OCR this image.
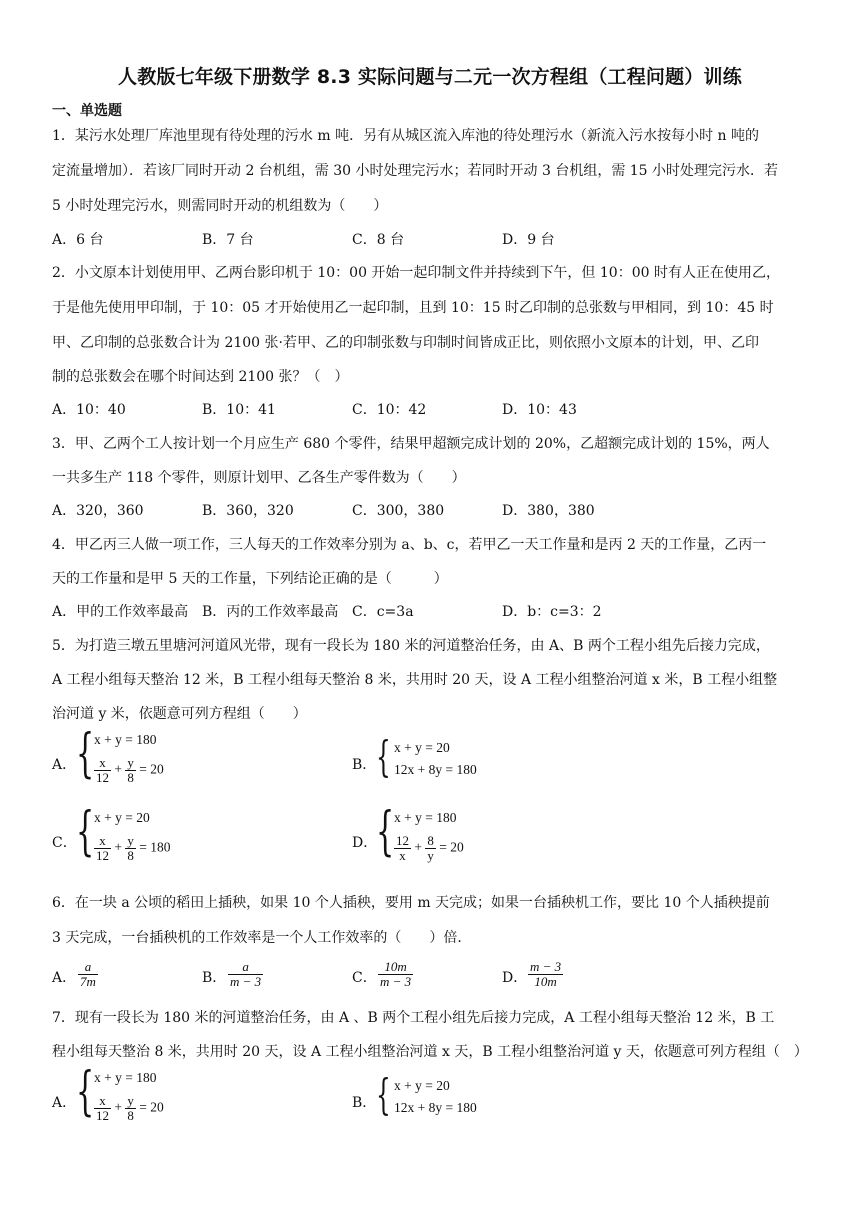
人教版七年级下册数学 8.3 实际问题与二元一次方程组（工程问题）训练
一、单选题
1．某污水处理厂库池里现有待处理的污水 m 吨．另有从城区流入库池的待处理污水（新流入污水按每小时 n 吨的
定流量增加）．若该厂同时开动 2 台机组，需 30 小时处理完污水；若同时开动 3 台机组，需 15 小时处理完污水．若
5 小时处理完污水，则需同时开动的机组数为（　　）
A．6 台	B．7 台	C．8 台	D．9 台
2．小文原本计划使用甲、乙两台影印机于 10：00 开始一起印制文件并持续到下午，但 10：00 时有人正在使用乙，
于是他先使用甲印制，于 10：05 才开始使用乙一起印制，且到 10：15 时乙印制的总张数与甲相同，到 10：45 时
甲、乙印制的总张数合计为 2100 张·若甲、乙的印制张数与印制时间皆成正比，则依照小文原本的计划，甲、乙印
制的总张数会在哪个时间达到 2100 张？（　）
A．10：40	B．10：41	C．10：42	D．10：43
3．甲、乙两个工人按计划一个月应生产 680 个零件，结果甲超额完成计划的 20%，乙超额完成计划的 15%，两人
一共多生产 118 个零件，则原计划甲、乙各生产零件数为（　　）
A．320，360	B．360，320	C．300，380	D．380，380
4．甲乙丙三人做一项工作，三人每天的工作效率分别为 a、b、c，若甲乙一天工作量和是丙 2 天的工作量，乙丙一
天的工作量和是甲 5 天的工作量，下列结论正确的是（　　　）
A．甲的工作效率最高 B．丙的工作效率最高 C．c=3a	D．b：c=3：2
5．为打造三墩五里塘河河道风光带，现有一段长为 180 米的河道整治任务，由 A、B 两个工程小组先后接力完成，
A 工程小组每天整治 12 米，B 工程小组每天整治 8 米，共用时 20 天，设 A 工程小组整治河道 x 米，B 工程小组整
治河道 y 米，依题意可列方程组（　　）
A． { x + y = 180
$\frac{x}{12} + \frac{y}{8} = 20$	B． { x + y = 20
12x + 8y = 180
C． { x + y = 20
$\frac{x}{12} + \frac{y}{8} = 180$	D．
{ x + y = 180
$\frac{12}{x} + \frac{8}{y} = 20$
6．在一块 a 公顷的稻田上插秧，如果 10 个人插秧，要用 m 天完成；如果一台插秧机工作，要比 10 个人插秧提前
3 天完成，一台插秧机的工作效率是一个人工作效率的（　　）倍．
A． $\frac{a}{7m}$	B． $\frac{a}{m - 3}$	C． $\frac{10m}{m - 3}$	D． $\frac{m - 3}{10m}$
7．现有一段长为 180 米的河道整治任务，由 A 、B 两个工程小组先后接力完成，A 工程小组每天整治 12 米，B 工
程小组每天整治 8 米，共用时 20 天，设 A 工程小组整治河道 x 天，B 工程小组整治河道 y 天，依题意可列方程组（　）
A． { x + y = 180
$\frac{x}{12} + \frac{y}{8} = 20$	B． { x + y = 20
12x + 8y = 180
